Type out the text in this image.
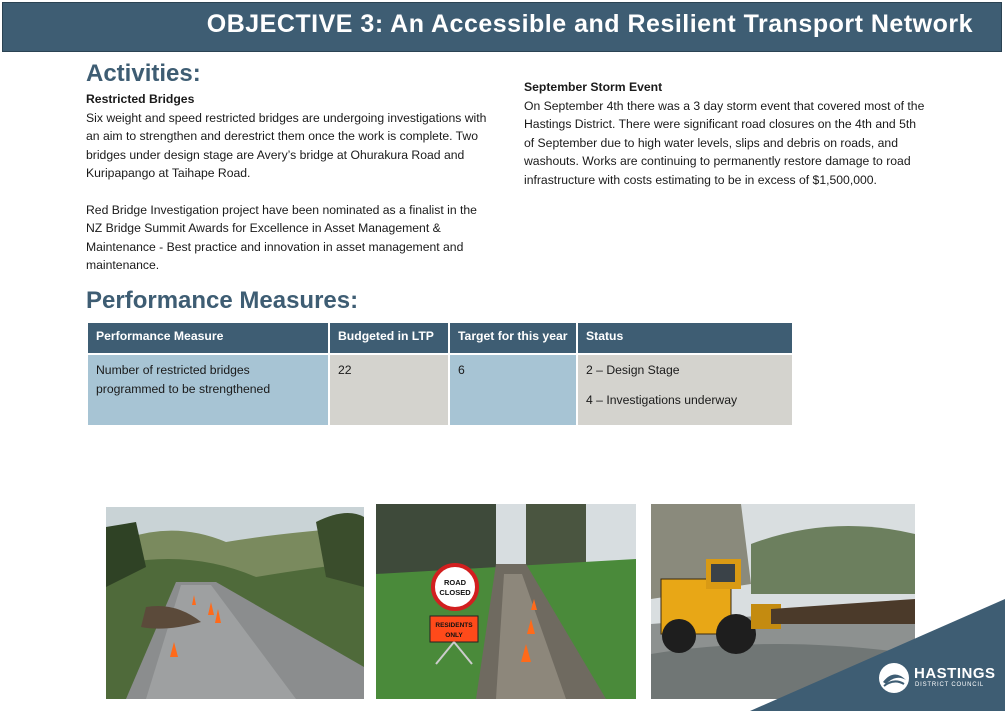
OBJECTIVE 3: An Accessible and Resilient Transport Network
Activities:
Restricted Bridges
Six weight and speed restricted bridges are undergoing investigations with an aim to strengthen and derestrict them once the work is complete. Two bridges under design stage are Avery’s bridge at Ohurakura Road and Kuripapango at Taihape Road.
Red Bridge Investigation project have been nominated as a finalist in the NZ Bridge Summit Awards for Excellence in Asset Management & Maintenance - Best practice and innovation in asset management and maintenance.
September Storm Event
On September 4th there was a 3 day storm event that covered most of the Hastings District. There were significant road closures on the 4th and 5th of September due to high water levels, slips and debris on roads, and washouts. Works are continuing to permanently restore damage to road infrastructure with costs estimating to be in excess of $1,500,000.
Performance Measures:
Performance Measure	Budgeted in LTP	Target for this year	Status
Number of restricted bridges programmed to be strengthened	22	6	2 – Design Stage
4 – Investigations underway
ROAD
CLOSED
RESIDENTS
ONLY
HASTINGS
DISTRICT COUNCIL
